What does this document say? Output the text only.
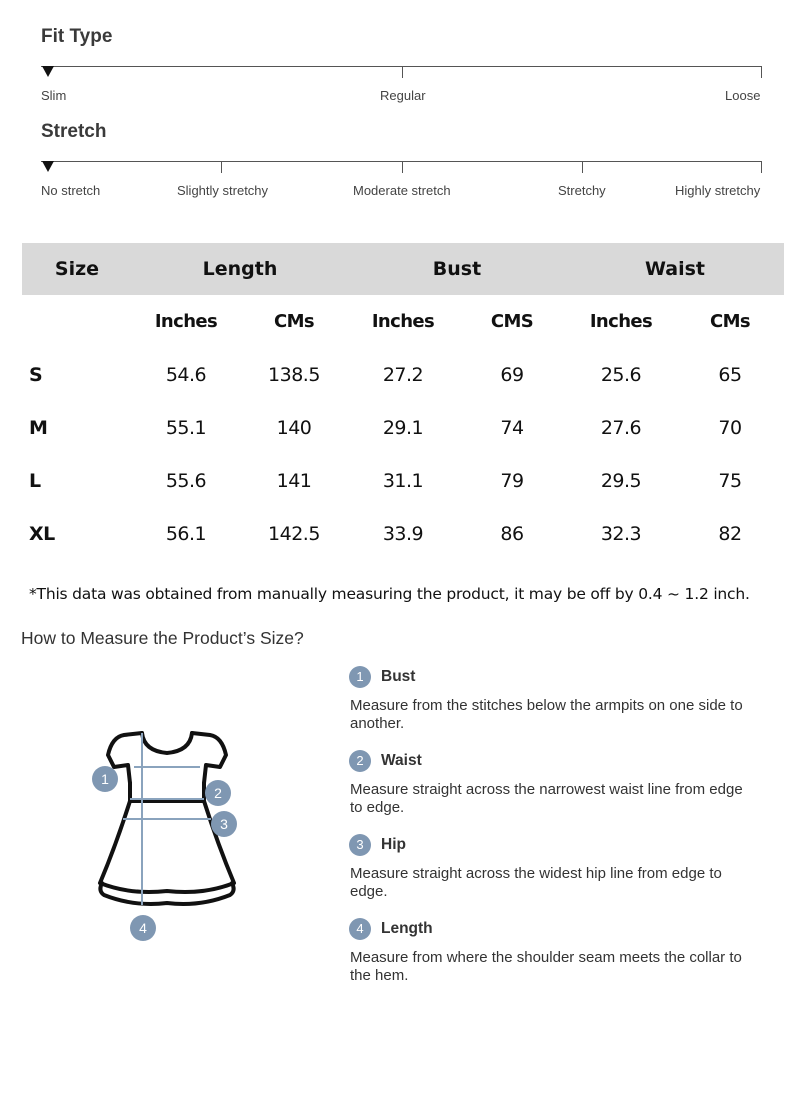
Fit Type
Slim	Regular	Loose
Stretch
No stretch	Slightly stretchy	Moderate stretch	Stretchy	Highly stretchy
Size	Length		Bust		Waist	
	Inches	CMs	Inches	CMS	Inches	CMs
S	54.6	138.5	27.2	69	25.6	65
M	55.1	140	29.1	74	27.6	70
L	55.6	141	31.1	79	29.5	75
XL	56.1	142.5	33.9	86	32.3	82
*This data was obtained from manually measuring the product, it may be off by 0.4 ~ 1.2 inch.
How to Measure the Product’s Size?
1
2
3
4
1	Bust
Measure from the stitches below the armpits on one side to another.
2	Waist
Measure straight across the narrowest waist line from edge to edge.
3	Hip
Measure straight across the widest hip line from edge to edge.
4	Length
Measure from where the shoulder seam meets the collar to the hem.
